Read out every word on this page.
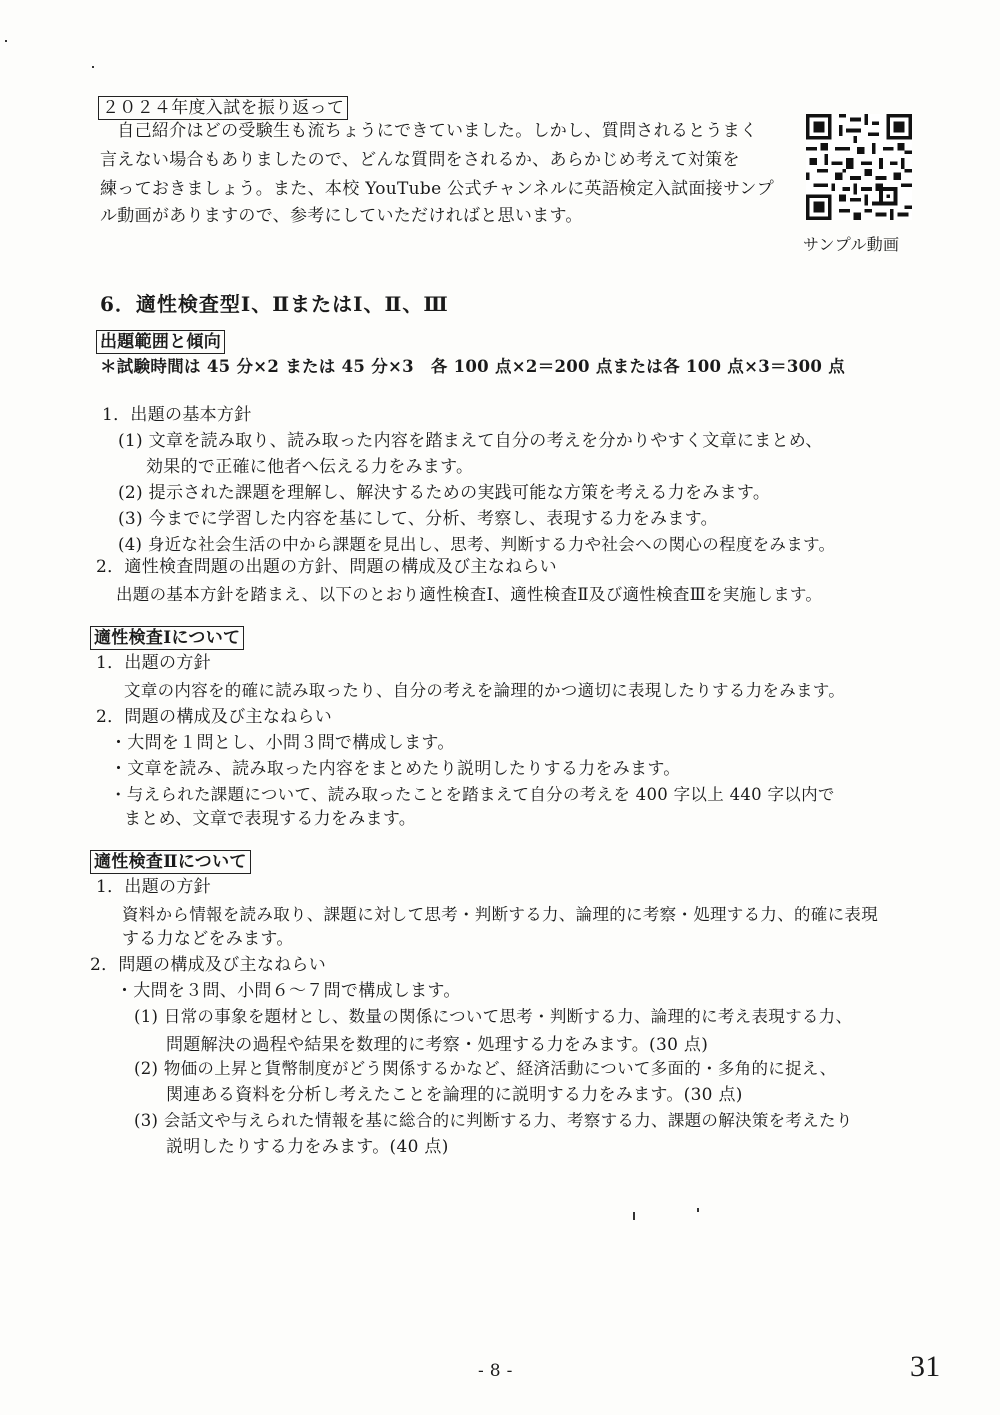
２０２４年度入試を振り返って
　自己紹介はどの受験生も流ちょうにできていました。しかし、質問されるとうまく
言えない場合もありましたので、どんな質問をされるか、あらかじめ考えて対策を
練っておきましょう。また、本校 YouTube 公式チャンネルに英語検定入試面接サンプ
ル動画がありますので、参考にしていただければと思います。
サンプル動画
6．適性検査型Ⅰ、ⅡまたはⅠ、Ⅱ、Ⅲ
出題範囲と傾向
＊試験時間は 45 分×2 または 45 分×3　各 100 点×2＝200 点または各 100 点×3＝300 点
1．出題の基本方針
(1) 文章を読み取り、読み取った内容を踏まえて自分の考えを分かりやすく文章にまとめ、
効果的で正確に他者へ伝える力をみます。
(2) 提示された課題を理解し、解決するための実践可能な方策を考える力をみます。
(3) 今までに学習した内容を基にして、分析、考察し、表現する力をみます。
(4) 身近な社会生活の中から課題を見出し、思考、判断する力や社会への関心の程度をみます。
2．適性検査問題の出題の方針、問題の構成及び主なねらい
出題の基本方針を踏まえ、以下のとおり適性検査Ⅰ、適性検査Ⅱ及び適性検査Ⅲを実施します。
適性検査Ⅰについて
1．出題の方針
文章の内容を的確に読み取ったり、自分の考えを論理的かつ適切に表現したりする力をみます。
2．問題の構成及び主なねらい
・大問を１問とし、小問３問で構成します。
・文章を読み、読み取った内容をまとめたり説明したりする力をみます。
・与えられた課題について、読み取ったことを踏まえて自分の考えを 400 字以上 440 字以内で
まとめ、文章で表現する力をみます。
適性検査Ⅱについて
1．出題の方針
資料から情報を読み取り、課題に対して思考・判断する力、論理的に考察・処理する力、的確に表現
する力などをみます。
2．問題の構成及び主なねらい
・大問を３問、小問６～７問で構成します。
(1) 日常の事象を題材とし、数量の関係について思考・判断する力、論理的に考え表現する力、
問題解決の過程や結果を数理的に考察・処理する力をみます。(30 点)
(2) 物価の上昇と貨幣制度がどう関係するかなど、経済活動について多面的・多角的に捉え、
関連ある資料を分析し考えたことを論理的に説明する力をみます。(30 点)
(3) 会話文や与えられた情報を基に総合的に判断する力、考察する力、課題の解決策を考えたり
説明したりする力をみます。(40 点)
- 8 -	31
